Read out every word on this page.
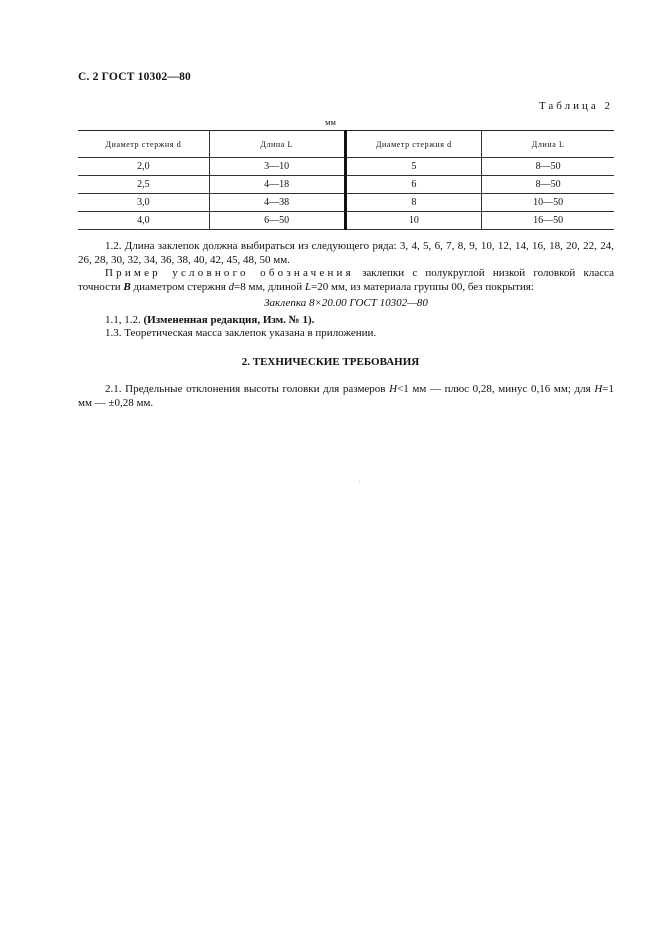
С. 2 ГОСТ 10302—80
Таблица 2
мм
Диаметр стержня d	Длина L	Диаметр стержня d	Длина L
2,0	3—10	5	8—50
2,5	4—18	6	8—50
3,0	4—38	8	10—50
4,0	6—50	10	16—50

1.2. Длина заклепок должна выбираться из следующего ряда: 3, 4, 5, 6, 7, 8, 9, 10, 12, 14, 16, 18, 20, 22, 24, 26, 28, 30, 32, 34, 36, 38, 40, 42, 45, 48, 50 мм.

Пример условного обозначения заклепки с полукруглой низкой головкой класса точности B диаметром стержня d=8 мм, длиной L=20 мм, из материала группы 00, без покрытия:

Заклепка 8×20.00 ГОСТ 10302—80

1.1, 1.2. (Измененная редакция, Изм. № 1).

1.3. Теоретическая масса заклепок указана в приложении.

2. ТЕХНИЧЕСКИЕ ТРЕБОВАНИЯ

2.1. Предельные отклонения высоты головки для размеров H<1 мм — плюс 0,28, минус 0,16 мм; для H=1 мм — ±0,28 мм.
